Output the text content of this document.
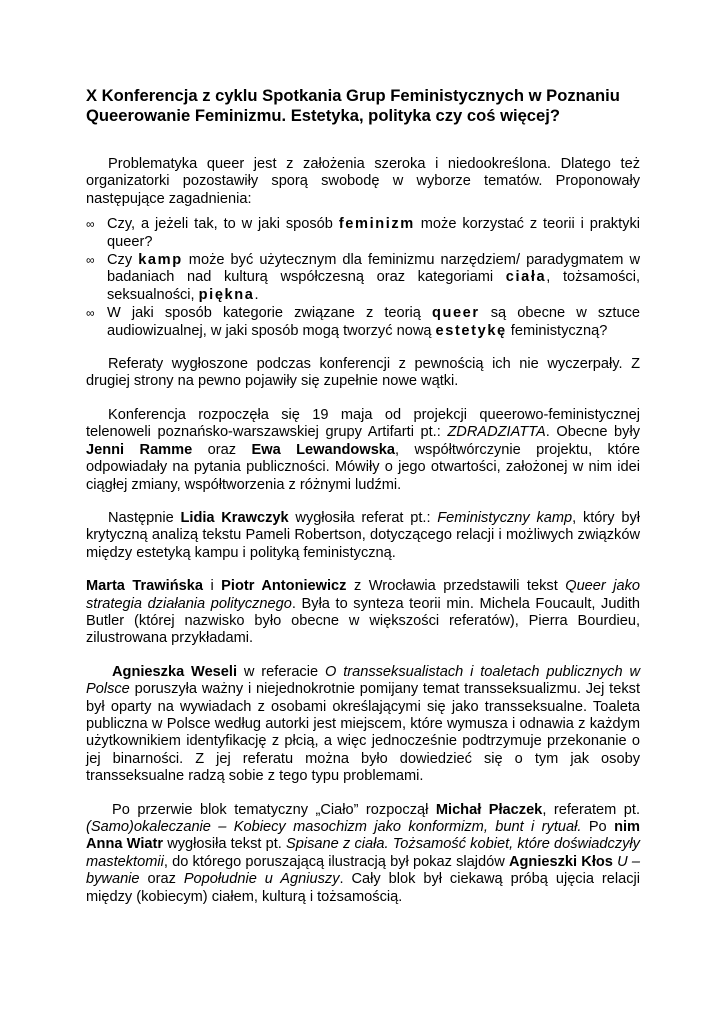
X Konferencja z cyklu Spotkania Grup Feministycznych w Poznaniu
Queerowanie Feminizmu. Estetyka, polityka czy coś więcej?

Problematyka queer jest z założenia szeroka i niedookreślona. Dlatego też organizatorki pozostawiły sporą swobodę w wyborze tematów. Proponowały następujące zagadnienia:

∞ Czy, a jeżeli tak, to w jaki sposób feminizm może korzystać z teorii i praktyki queer?
∞ Czy kamp może być użytecznym dla feminizmu narzędziem/ paradygmatem w badaniach nad kulturą współczesną oraz kategoriami ciała, tożsamości, seksualności, piękna.
∞ W jaki sposób kategorie związane z teorią queer są obecne w sztuce audiowizualnej, w jaki sposób mogą tworzyć nową estetykę feministyczną?

Referaty wygłoszone podczas konferencji z pewnością ich nie wyczerpały. Z drugiej strony na pewno pojawiły się zupełnie nowe wątki.

Konferencja rozpoczęła się 19 maja od projekcji queerowo-feministycznej telenoweli poznańsko-warszawskiej grupy Artifarti pt.: ZDRADZIATTA. Obecne były Jenni Ramme oraz Ewa Lewandowska, współtwórczynie projektu, które odpowiadały na pytania publiczności. Mówiły o jego otwartości, założonej w nim idei ciągłej zmiany, współtworzenia z różnymi ludźmi.

Następnie Lidia Krawczyk wygłosiła referat pt.: Feministyczny kamp, który był krytyczną analizą tekstu Pameli Robertson, dotyczącego relacji i możliwych związków między estetyką kampu i polityką feministyczną.

Marta Trawińska i Piotr Antoniewicz z Wrocławia przedstawili tekst Queer jako strategia działania politycznego. Była to synteza teorii min. Michela Foucault, Judith Butler (której nazwisko było obecne w większości referatów), Pierra Bourdieu, zilustrowana przykładami.

Agnieszka Weseli w referacie O transseksualistach i toaletach publicznych w Polsce poruszyła ważny i niejednokrotnie pomijany temat transseksualizmu. Jej tekst był oparty na wywiadach z osobami określającymi się jako transseksualne. Toaleta publiczna w Polsce według autorki jest miejscem, które wymusza i odnawia z każdym użytkownikiem identyfikację z płcią, a więc jednocześnie podtrzymuje przekonanie o jej binarności. Z jej referatu można było dowiedzieć się o tym jak osoby transseksualne radzą sobie z tego typu problemami.

Po przerwie blok tematyczny „Ciało” rozpoczął Michał Płaczek, referatem pt. (Samo)okaleczanie – Kobiecy masochizm jako konformizm, bunt i rytuał. Po nim Anna Wiatr wygłosiła tekst pt. Spisane z ciała. Tożsamość kobiet, które doświadczyły mastektomii, do którego poruszającą ilustracją był pokaz slajdów Agnieszki Kłos U – bywanie oraz Popołudnie u Agniuszy. Cały blok był ciekawą próbą ujęcia relacji między (kobiecym) ciałem, kulturą i tożsamością.
